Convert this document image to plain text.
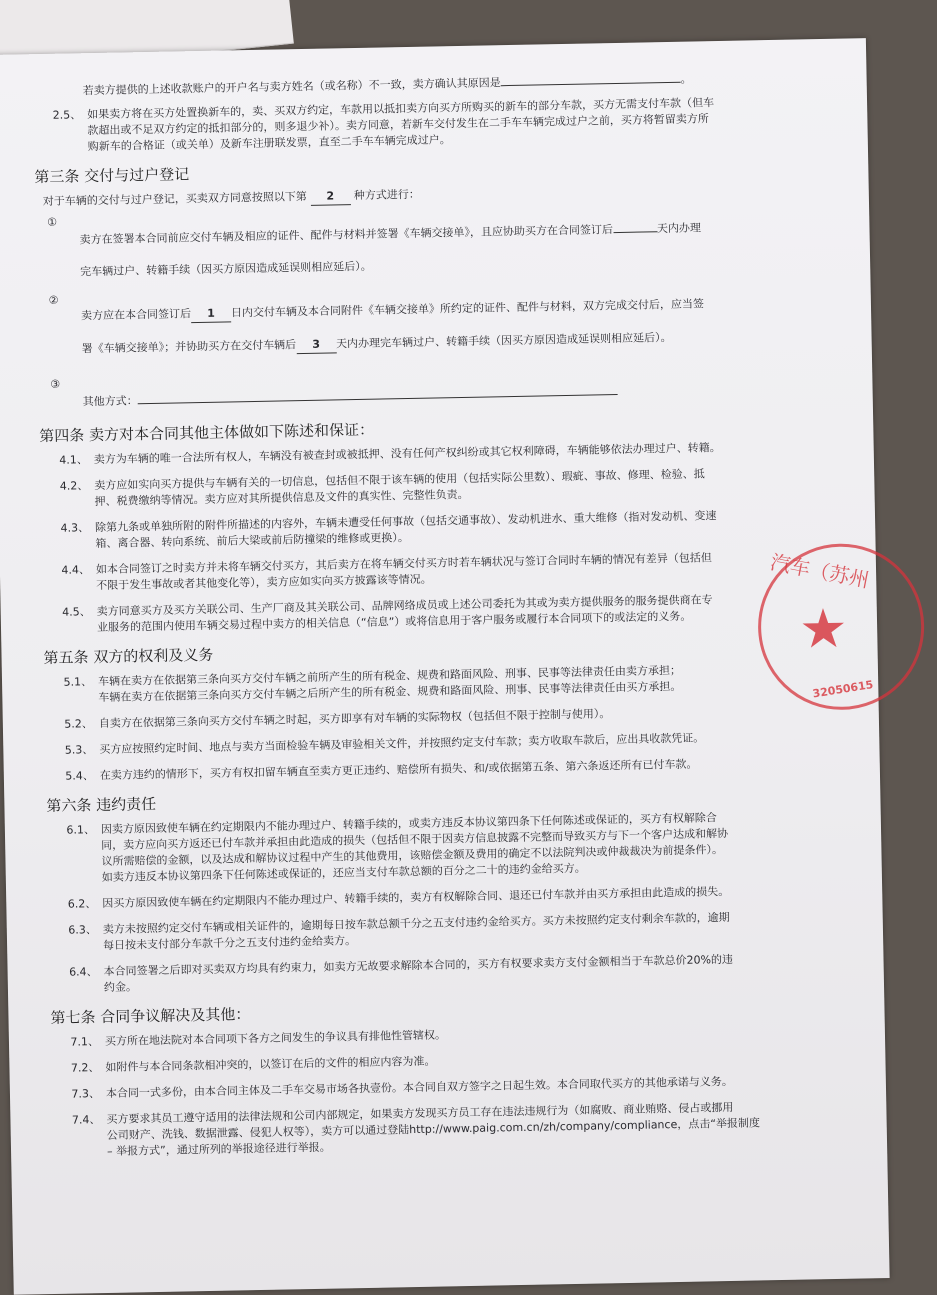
若卖方提供的上述收款账户的开户名与卖方姓名（或名称）不一致，卖方确认其原因是	。
2.5、 如果卖方将在买方处置换新车的，卖、买双方约定，车款用以抵扣卖方向买方所购买的新车的部分车款，买方无需支付车款（但车
款超出或不足双方约定的抵扣部分的，则多退少补）。卖方同意，若新车交付发生在二手车车辆完成过户之前，买方将暂留卖方所
购新车的合格证（或关单）及新车注册联发票，直至二手车车辆完成过户。
第三条 交付与过户登记
对于车辆的交付与过户登记，买卖双方同意按照以下第 2 种方式进行：
①

卖方在签署本合同前应交付车辆及相应的证件、配件与材料并签署《车辆交接单》，且应协助买方在合同签订后	天内办理

完车辆过户、转籍手续（因买方原因造成延误则相应延后）。

②

卖方应在本合同签订后 1 日内交付车辆及本合同附件《车辆交接单》所约定的证件、配件与材料，双方完成交付后，应当签

署《车辆交接单》；并协助买方在交付车辆后 3 天内办理完车辆过户、转籍手续（因买方原因造成延误则相应延后）。

③

其他方式：

第四条 卖方对本合同其他主体做如下陈述和保证：
4.1、 卖方为车辆的唯一合法所有权人，车辆没有被查封或被抵押、没有任何产权纠纷或其它权利障碍，车辆能够依法办理过户、转籍。
4.2、 卖方应如实向买方提供与车辆有关的一切信息，包括但不限于该车辆的使用（包括实际公里数）、瑕疵、事故、修理、检验、抵
押、税费缴纳等情况。卖方应对其所提供信息及文件的真实性、完整性负责。
4.3、 除第九条或单独所附的附件所描述的内容外，车辆未遭受任何事故（包括交通事故）、发动机进水、重大维修（指对发动机、变速
箱、离合器、转向系统、前后大梁或前后防撞梁的维修或更换）。
4.4、 如本合同签订之时卖方并未将车辆交付买方，其后卖方在将车辆交付买方时若车辆状况与签订合同时车辆的情况有差异（包括但
不限于发生事故或者其他变化等），卖方应如实向买方披露该等情况。
4.5、 卖方同意买方及买方关联公司、生产厂商及其关联公司、品牌网络成员或上述公司委托为其或为卖方提供服务的服务提供商在专
业服务的范围内使用车辆交易过程中卖方的相关信息（“信息”）或将信息用于客户服务或履行本合同项下的或法定的义务。
第五条 双方的权利及义务
5.1、 车辆在卖方在依据第三条向买方交付车辆之前所产生的所有税金、规费和路面风险、刑事、民事等法律责任由卖方承担；
车辆在卖方在依据第三条向买方交付车辆之后所产生的所有税金、规费和路面风险、刑事、民事等法律责任由买方承担。
5.2、 自卖方在依据第三条向买方交付车辆之时起，买方即享有对车辆的实际物权（包括但不限于控制与使用）。
5.3、 买方应按照约定时间、地点与卖方当面检验车辆及审验相关文件，并按照约定支付车款；卖方收取车款后，应出具收款凭证。
5.4、 在卖方违约的情形下，买方有权扣留车辆直至卖方更正违约、赔偿所有损失、和/或依据第五条、第六条返还所有已付车款。
第六条 违约责任
6.1、 因卖方原因致使车辆在约定期限内不能办理过户、转籍手续的，或卖方违反本协议第四条下任何陈述或保证的，买方有权解除合
同，卖方应向买方返还已付车款并承担由此造成的损失（包括但不限于因卖方信息披露不完整而导致买方与下一个客户达成和解协
议所需赔偿的金额，以及达成和解协议过程中产生的其他费用，该赔偿金额及费用的确定不以法院判决或仲裁裁决为前提条件）。
如卖方违反本协议第四条下任何陈述或保证的，还应当支付车款总额的百分之二十的违约金给买方。
6.2、 因买方原因致使车辆在约定期限内不能办理过户、转籍手续的，卖方有权解除合同、退还已付车款并由买方承担由此造成的损失。
6.3、 卖方未按照约定交付车辆或相关证件的，逾期每日按车款总额千分之五支付违约金给买方。买方未按照约定支付剩余车款的，逾期
每日按未支付部分车款千分之五支付违约金给卖方。
6.4、 本合同签署之后即对买卖双方均具有约束力，如卖方无故要求解除本合同的，买方有权要求卖方支付金额相当于车款总价20%的违
约金。
第七条 合同争议解决及其他：
7.1、 买方所在地法院对本合同项下各方之间发生的争议具有排他性管辖权。
7.2、 如附件与本合同条款相冲突的，以签订在后的文件的相应内容为准。
7.3、 本合同一式多份，由本合同主体及二手车交易市场各执壹份。本合同自双方签字之日起生效。本合同取代买方的其他承诺与义务。
7.4、 买方要求其员工遵守适用的法律法规和公司内部规定，如果卖方发现买方员工存在违法违规行为（如腐败、商业贿赂、侵占或挪用
公司财产、洗钱、数据泄露、侵犯人权等），卖方可以通过登陆http://www.paig.com.cn/zh/company/compliance，点击“举报制度
– 举报方式”，通过所列的举报途径进行举报。
汽车（苏州
★
32050615
